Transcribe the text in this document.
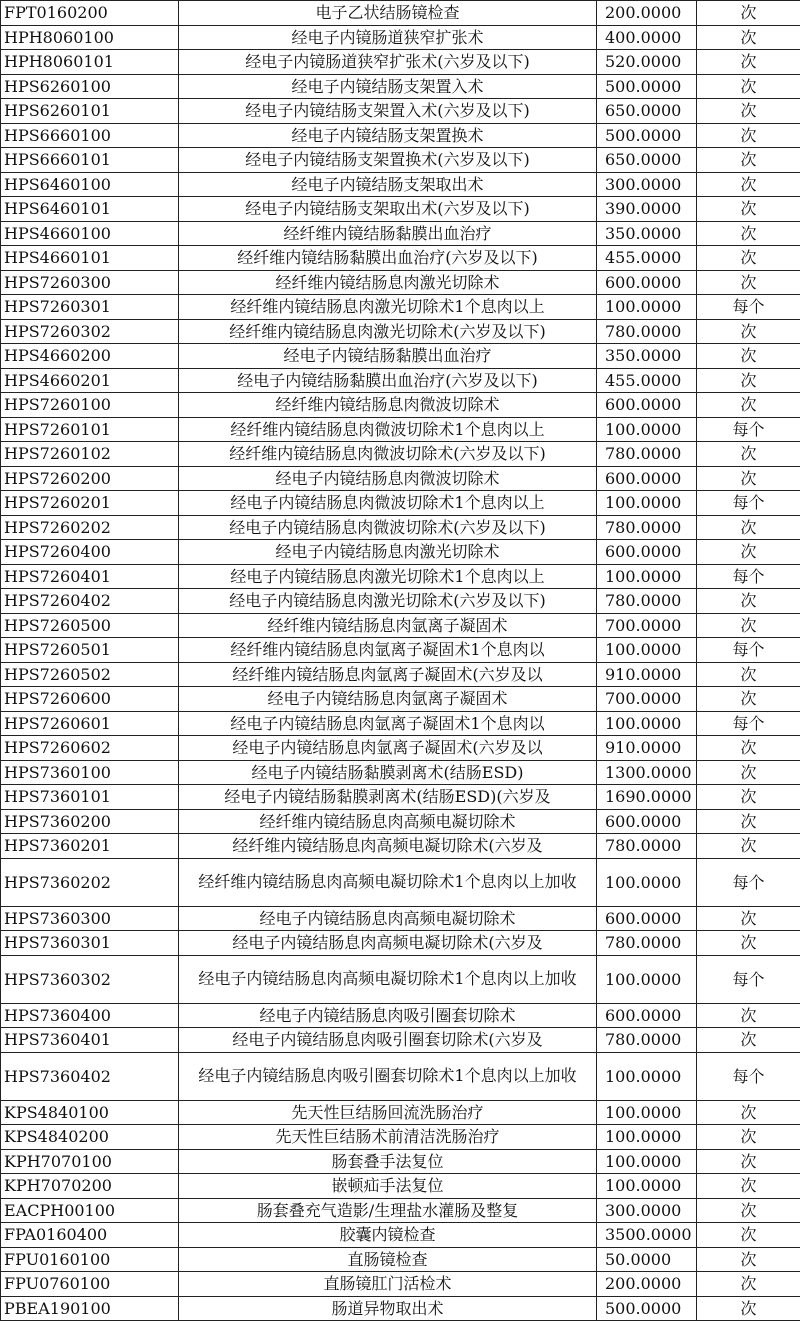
FPT0160200	电子乙状结肠镜检查	200.0000	次
HPH8060100	经电子内镜肠道狭窄扩张术	400.0000	次
HPH8060101	经电子内镜肠道狭窄扩张术(六岁及以下)	520.0000	次
HPS6260100	经电子内镜结肠支架置入术	500.0000	次
HPS6260101	经电子内镜结肠支架置入术(六岁及以下)	650.0000	次
HPS6660100	经电子内镜结肠支架置换术	500.0000	次
HPS6660101	经电子内镜结肠支架置换术(六岁及以下)	650.0000	次
HPS6460100	经电子内镜结肠支架取出术	300.0000	次
HPS6460101	经电子内镜结肠支架取出术(六岁及以下)	390.0000	次
HPS4660100	经纤维内镜结肠黏膜出血治疗	350.0000	次
HPS4660101	经纤维内镜结肠黏膜出血治疗(六岁及以下)	455.0000	次
HPS7260300	经纤维内镜结肠息肉激光切除术	600.0000	次
HPS7260301	经纤维内镜结肠息肉激光切除术1个息肉以上	100.0000	每个
HPS7260302	经纤维内镜结肠息肉激光切除术(六岁及以下)	780.0000	次
HPS4660200	经电子内镜结肠黏膜出血治疗	350.0000	次
HPS4660201	经电子内镜结肠黏膜出血治疗(六岁及以下)	455.0000	次
HPS7260100	经纤维内镜结肠息肉微波切除术	600.0000	次
HPS7260101	经纤维内镜结肠息肉微波切除术1个息肉以上	100.0000	每个
HPS7260102	经纤维内镜结肠息肉微波切除术(六岁及以下)	780.0000	次
HPS7260200	经电子内镜结肠息肉微波切除术	600.0000	次
HPS7260201	经电子内镜结肠息肉微波切除术1个息肉以上	100.0000	每个
HPS7260202	经电子内镜结肠息肉微波切除术(六岁及以下)	780.0000	次
HPS7260400	经电子内镜结肠息肉激光切除术	600.0000	次
HPS7260401	经电子内镜结肠息肉激光切除术1个息肉以上	100.0000	每个
HPS7260402	经电子内镜结肠息肉激光切除术(六岁及以下)	780.0000	次
HPS7260500	经纤维内镜结肠息肉氩离子凝固术	700.0000	次
HPS7260501	经纤维内镜结肠息肉氩离子凝固术1个息肉以	100.0000	每个
HPS7260502	经纤维内镜结肠息肉氩离子凝固术(六岁及以	910.0000	次
HPS7260600	经电子内镜结肠息肉氩离子凝固术	700.0000	次
HPS7260601	经电子内镜结肠息肉氩离子凝固术1个息肉以	100.0000	每个
HPS7260602	经电子内镜结肠息肉氩离子凝固术(六岁及以	910.0000	次
HPS7360100	经电子内镜结肠黏膜剥离术(结肠ESD)	1300.0000	次
HPS7360101	经电子内镜结肠黏膜剥离术(结肠ESD)(六岁及	1690.0000	次
HPS7360200	经纤维内镜结肠息肉高频电凝切除术	600.0000	次
HPS7360201	经纤维内镜结肠息肉高频电凝切除术(六岁及	780.0000	次
HPS7360202	经纤维内镜结肠息肉高频电凝切除术1个息肉以上加收	100.0000	每个
HPS7360300	经电子内镜结肠息肉高频电凝切除术	600.0000	次
HPS7360301	经电子内镜结肠息肉高频电凝切除术(六岁及	780.0000	次
HPS7360302	经电子内镜结肠息肉高频电凝切除术1个息肉以上加收	100.0000	每个
HPS7360400	经电子内镜结肠息肉吸引圈套切除术	600.0000	次
HPS7360401	经电子内镜结肠息肉吸引圈套切除术(六岁及	780.0000	次
HPS7360402	经电子内镜结肠息肉吸引圈套切除术1个息肉以上加收	100.0000	每个
KPS4840100	先天性巨结肠回流洗肠治疗	100.0000	次
KPS4840200	先天性巨结肠术前清洁洗肠治疗	100.0000	次
KPH7070100	肠套叠手法复位	100.0000	次
KPH7070200	嵌顿疝手法复位	100.0000	次
EACPH00100	肠套叠充气造影/生理盐水灌肠及整复	300.0000	次
FPA0160400	胶囊内镜检查	3500.0000	次
FPU0160100	直肠镜检查	50.0000	次
FPU0760100	直肠镜肛门活检术	200.0000	次
PBEA190100	肠道异物取出术	500.0000	次
